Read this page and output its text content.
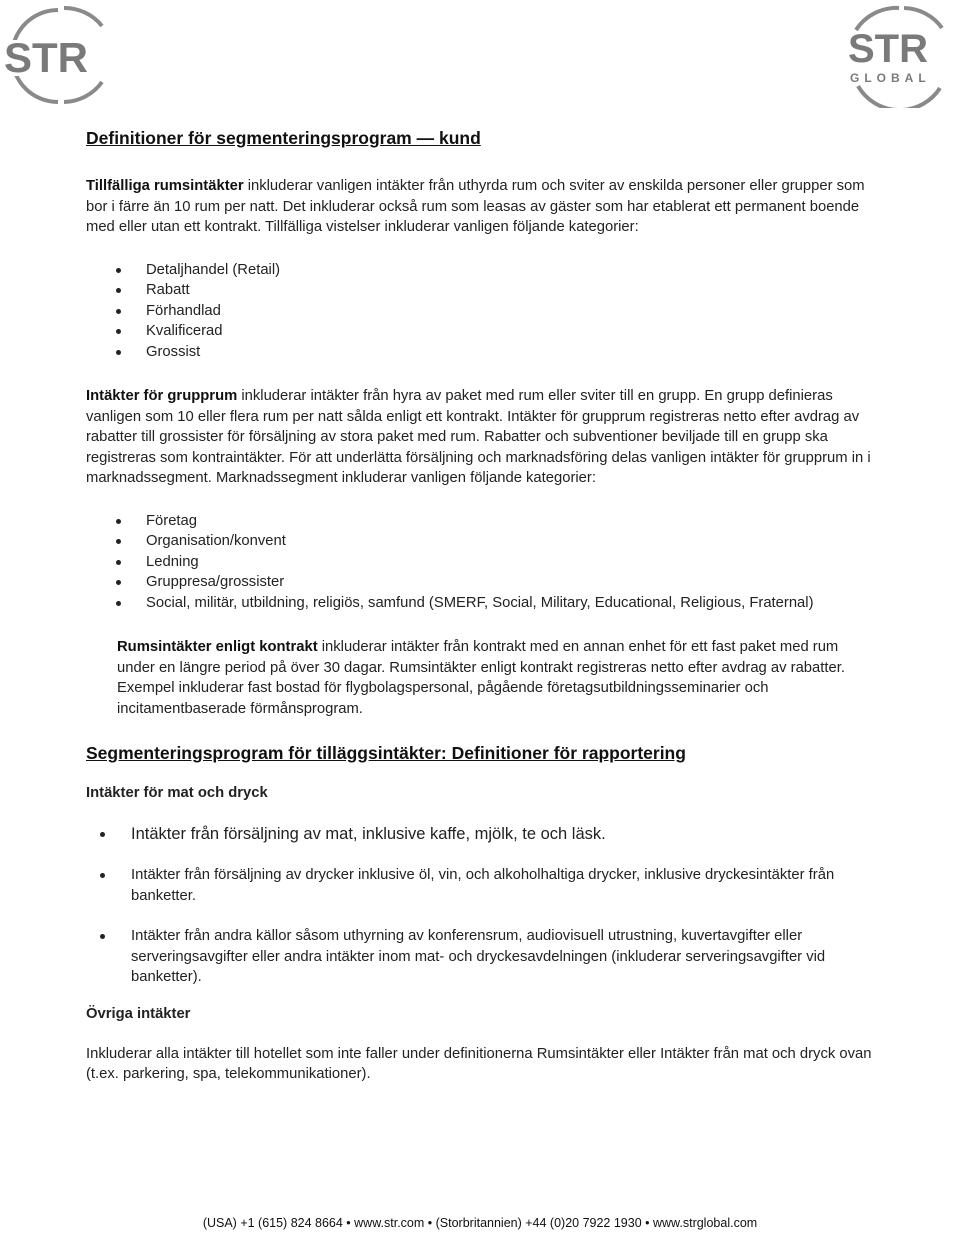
STR	STR
GLOBAL
Definitioner för segmenteringsprogram — kund

Tillfälliga rumsintäkter inkluderar vanligen intäkter från uthyrda rum och sviter av enskilda personer eller grupper som bor i färre än 10 rum per natt. Det inkluderar också rum som leasas av gäster som har etablerat ett permanent boende med eller utan ett kontrakt. Tillfälliga vistelser inkluderar vanligen följande kategorier:

Detaljhandel (Retail)
Rabatt
Förhandlad
Kvalificerad
Grossist

Intäkter för grupprum inkluderar intäkter från hyra av paket med rum eller sviter till en grupp. En grupp definieras vanligen som 10 eller flera rum per natt sålda enligt ett kontrakt. Intäkter för grupprum registreras netto efter avdrag av rabatter till grossister för försäljning av stora paket med rum. Rabatter och subventioner beviljade till en grupp ska registreras som kontraintäkter. För att underlätta försäljning och marknadsföring delas vanligen intäkter för grupprum in i marknadssegment. Marknadssegment inkluderar vanligen följande kategorier:

Företag
Organisation/konvent
Ledning
Gruppresa/grossister
Social, militär, utbildning, religiös, samfund (SMERF, Social, Military, Educational, Religious, Fraternal)

Rumsintäkter enligt kontrakt inkluderar intäkter från kontrakt med en annan enhet för ett fast paket med rum under en längre period på över 30 dagar. Rumsintäkter enligt kontrakt registreras netto efter avdrag av rabatter. Exempel inkluderar fast bostad för flygbolagspersonal, pågående företagsutbildningsseminarier och incitamentbaserade förmånsprogram.

Segmenteringsprogram för tilläggsintäkter: Definitioner för rapportering
Intäkter för mat och dryck
Intäkter från försäljning av mat, inklusive kaffe, mjölk, te och läsk.
Intäkter från försäljning av drycker inklusive öl, vin, och alkoholhaltiga drycker, inklusive dryckesintäkter från banketter.
Intäkter från andra källor såsom uthyrning av konferensrum, audiovisuell utrustning, kuvertavgifter eller serveringsavgifter eller andra intäkter inom mat- och dryckesavdelningen (inkluderar serveringsavgifter vid banketter).
Övriga intäkter

Inkluderar alla intäkter till hotellet som inte faller under definitionerna Rumsintäkter eller Intäkter från mat och dryck ovan (t.ex. parkering, spa, telekommunikationer).

(USA) +1 (615) 824 8664 • www.str.com • (Storbritannien) +44 (0)20 7922 1930 • www.strglobal.com
